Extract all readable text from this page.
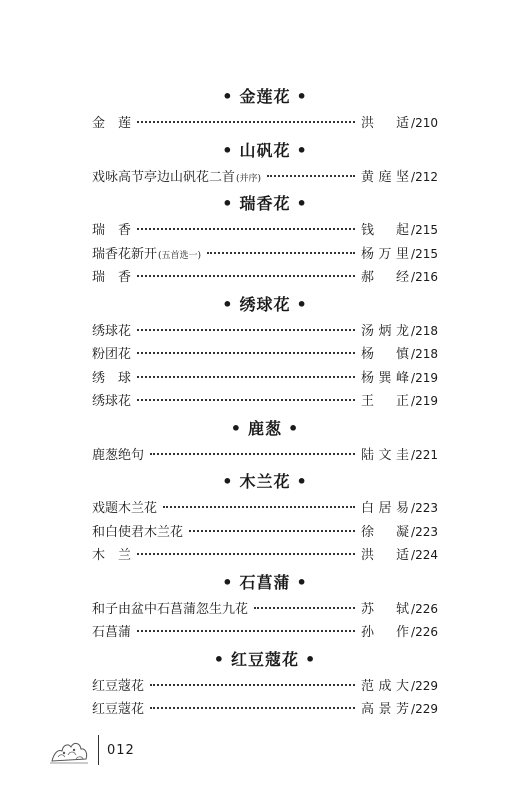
• 金莲花 •
金　莲	洪 适 /210
• 山矾花 •
戏咏高节亭边山矾花二首 (并序)	黄庭坚 /212
• 瑞香花 •
瑞　香	钱 起 /215
瑞香花新开 (五首选一)	杨万里 /215
瑞　香	郝 经 /216
• 绣球花 •
绣球花	汤炳龙 /218
粉团花	杨 慎 /218
绣　球	杨巽峰 /219
绣球花	王 正 /219
• 鹿葱 •
鹿葱绝句	陆文圭 /221
• 木兰花 •
戏题木兰花	白居易 /223
和白使君木兰花	徐 凝 /223
木　兰	洪 适 /224
• 石菖蒲 •
和子由盆中石菖蒲忽生九花	苏 轼 /226
石菖蒲	孙 作 /226
• 红豆蔻花 •
红豆蔻花	范成大 /229
红豆蔻花	高景芳 /229
012
